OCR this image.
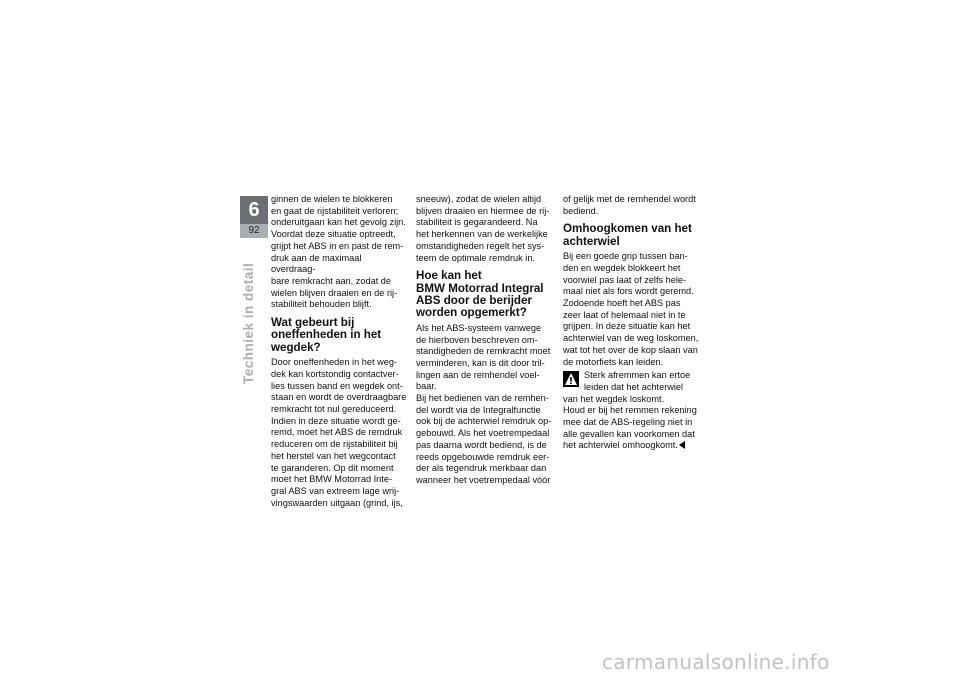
6
92
Techniek in detail

ginnen de wielen te blokkeren
en gaat de rijstabiliteit verloren;
onderuitgaan kan het gevolg zijn.
Voordat deze situatie optreedt,
grijpt het ABS in en past de rem-
druk aan de maximaal overdraag-
bare remkracht aan, zodat de
wielen blijven draaien en de rij-
stabiliteit behouden blijft.

Wat gebeurt bij
oneffenheden in het
wegdek?

Door oneffenheden in het weg-
dek kan kortstondig contactver-
lies tussen band en wegdek ont-
staan en wordt de overdraagbare
remkracht tot nul gereduceerd.
Indien in deze situatie wordt ge-
remd, moet het ABS de remdruk
reduceren om de rijstabiliteit bij
het herstel van het wegcontact
te garanderen. Op dit moment
moet het BMW Motorrad Inte-
gral ABS van extreem lage wrij-
vingswaarden uitgaan (grind, ijs,

sneeuw), zodat de wielen altijd
blijven draaien en hiermee de rij-
stabiliteit is gegarandeerd. Na
het herkennen van de werkelijke
omstandigheden regelt het sys-
teem de optimale remdruk in.

Hoe kan het
BMW Motorrad Integral
ABS door de berijder
worden opgemerkt?

Als het ABS-systeem vanwege
de hierboven beschreven om-
standigheden de remkracht moet
verminderen, kan is dit door tril-
lingen aan de remhendel voel-
baar.

Bij het bedienen van de remhen-
del wordt via de Integralfunctie
ook bij de achterwiel remdruk op-
gebouwd. Als het voetrempedaal
pas daarna wordt bediend, is de
reeds opgebouwde remdruk eer-
der als tegendruk merkbaar dan
wanneer het voetrempedaal vóór

of gelijk met de remhendel wordt
bediend.

Omhoogkomen van het
achterwiel

Bij een goede grip tussen ban-
den en wegdek blokkeert het
voorwiel pas laat of zelfs hele-
maal niet als fors wordt geremd.
Zodoende hoeft het ABS pas
zeer laat of helemaal niet in te
grijpen. In deze situatie kan het
achterwiel van de weg loskomen,
wat tot het over de kop slaan van
de motorfiets kan leiden.

Sterk afremmen kan ertoe
leiden dat het achterwiel
van het wegdek loskomt.

Houd er bij het remmen rekening
mee dat de ABS-regeling niet in
alle gevallen kan voorkomen dat
het achterwiel omhoogkomt.

carmanualsonline.info
